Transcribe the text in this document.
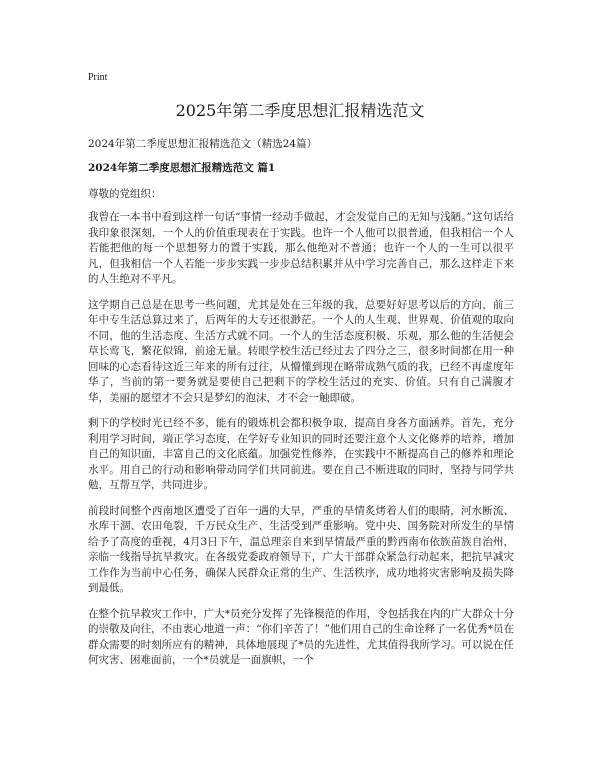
Print
2025年第二季度思想汇报精选范文
2024年第二季度思想汇报精选范文（精选24篇）
2024年第二季度思想汇报精选范文 篇1
尊敬的党组织：

我曾在一本书中看到这样一句话“事情一经动手做起，才会发觉自己的无知与浅陋。”这句话给我印象很深刻，一个人的价值重现表在于实践。也许一个人他可以很普通，但我相信一个人若能把他的每一个思想努力的置于实践，那么他绝对不普通；也许一个人的一生可以很平凡，但我相信一个人若能一步步实践一步步总结积累并从中学习完善自己，那么这样走下来的人生绝对不平凡。

这学期自己总是在思考一些问题，尤其是处在三年级的我，总要好好思考以后的方向，前三年中专生活总算过来了，后两年的大专还很渺茫。一个人的人生观、世界观、价值观的取向不同，他的生活态度、生活方式就不同。一个人的生活态度积极、乐观，那么他的生活便会草长莺飞，繁花似锦，前途无量。转眼学校生活已经过去了四分之三，很多时间都在用一种回味的心态看待这近三年来的所有过往，从懵懂到现在略带成熟气质的我，已经不再虚度年华了，当前的第一要务就是要使自己把剩下的学校生活过的充实、价值。只有自己满腹才华，美丽的愿望才不会只是梦幻的泡沫，才不会一触即破。

剩下的学校时光已经不多，能有的锻炼机会都积极争取，提高自身各方面涵养。首先，充分利用学习时间，端正学习态度，在学好专业知识的同时还要注意个人文化修养的培养，增加自己的知识面，丰富自己的文化底蕴。加强党性修养，在实践中不断提高自己的修养和理论水平。用自己的行动和影响带动同学们共同前进。要在自己不断进取的同时，坚持与同学共勉，互帮互学，共同进步。

前段时间整个西南地区遭受了百年一遇的大旱，严重的旱情炙烤着人们的眼睛，河水断流、水库干涸、农田龟裂，千万民众生产、生活受到严重影响。党中央、国务院对所发生的旱情给予了高度的重视，4月3日下午，温总理亲自来到旱情最严重的黔西南布依族苗族自治州，亲临一线指导抗旱救灾。在各级党委政府领导下，广大干部群众紧急行动起来，把抗旱减灾工作作为当前中心任务，确保人民群众正常的生产、生活秩序，成功地将灾害影响及损失降到最低。

在整个抗旱救灾工作中，广大*员充分发挥了先锋模范的作用，令包括我在内的广大群众十分的崇敬及向往，不由衷心地道一声：“你们辛苦了！”他们用自己的生命诠释了一名优秀*员在群众需要的时刻所应有的精神，具体地展现了*员的先进性，尤其值得我所学习。可以说在任何灾害、困难面前，一个*员就是一面旗帜，一个
